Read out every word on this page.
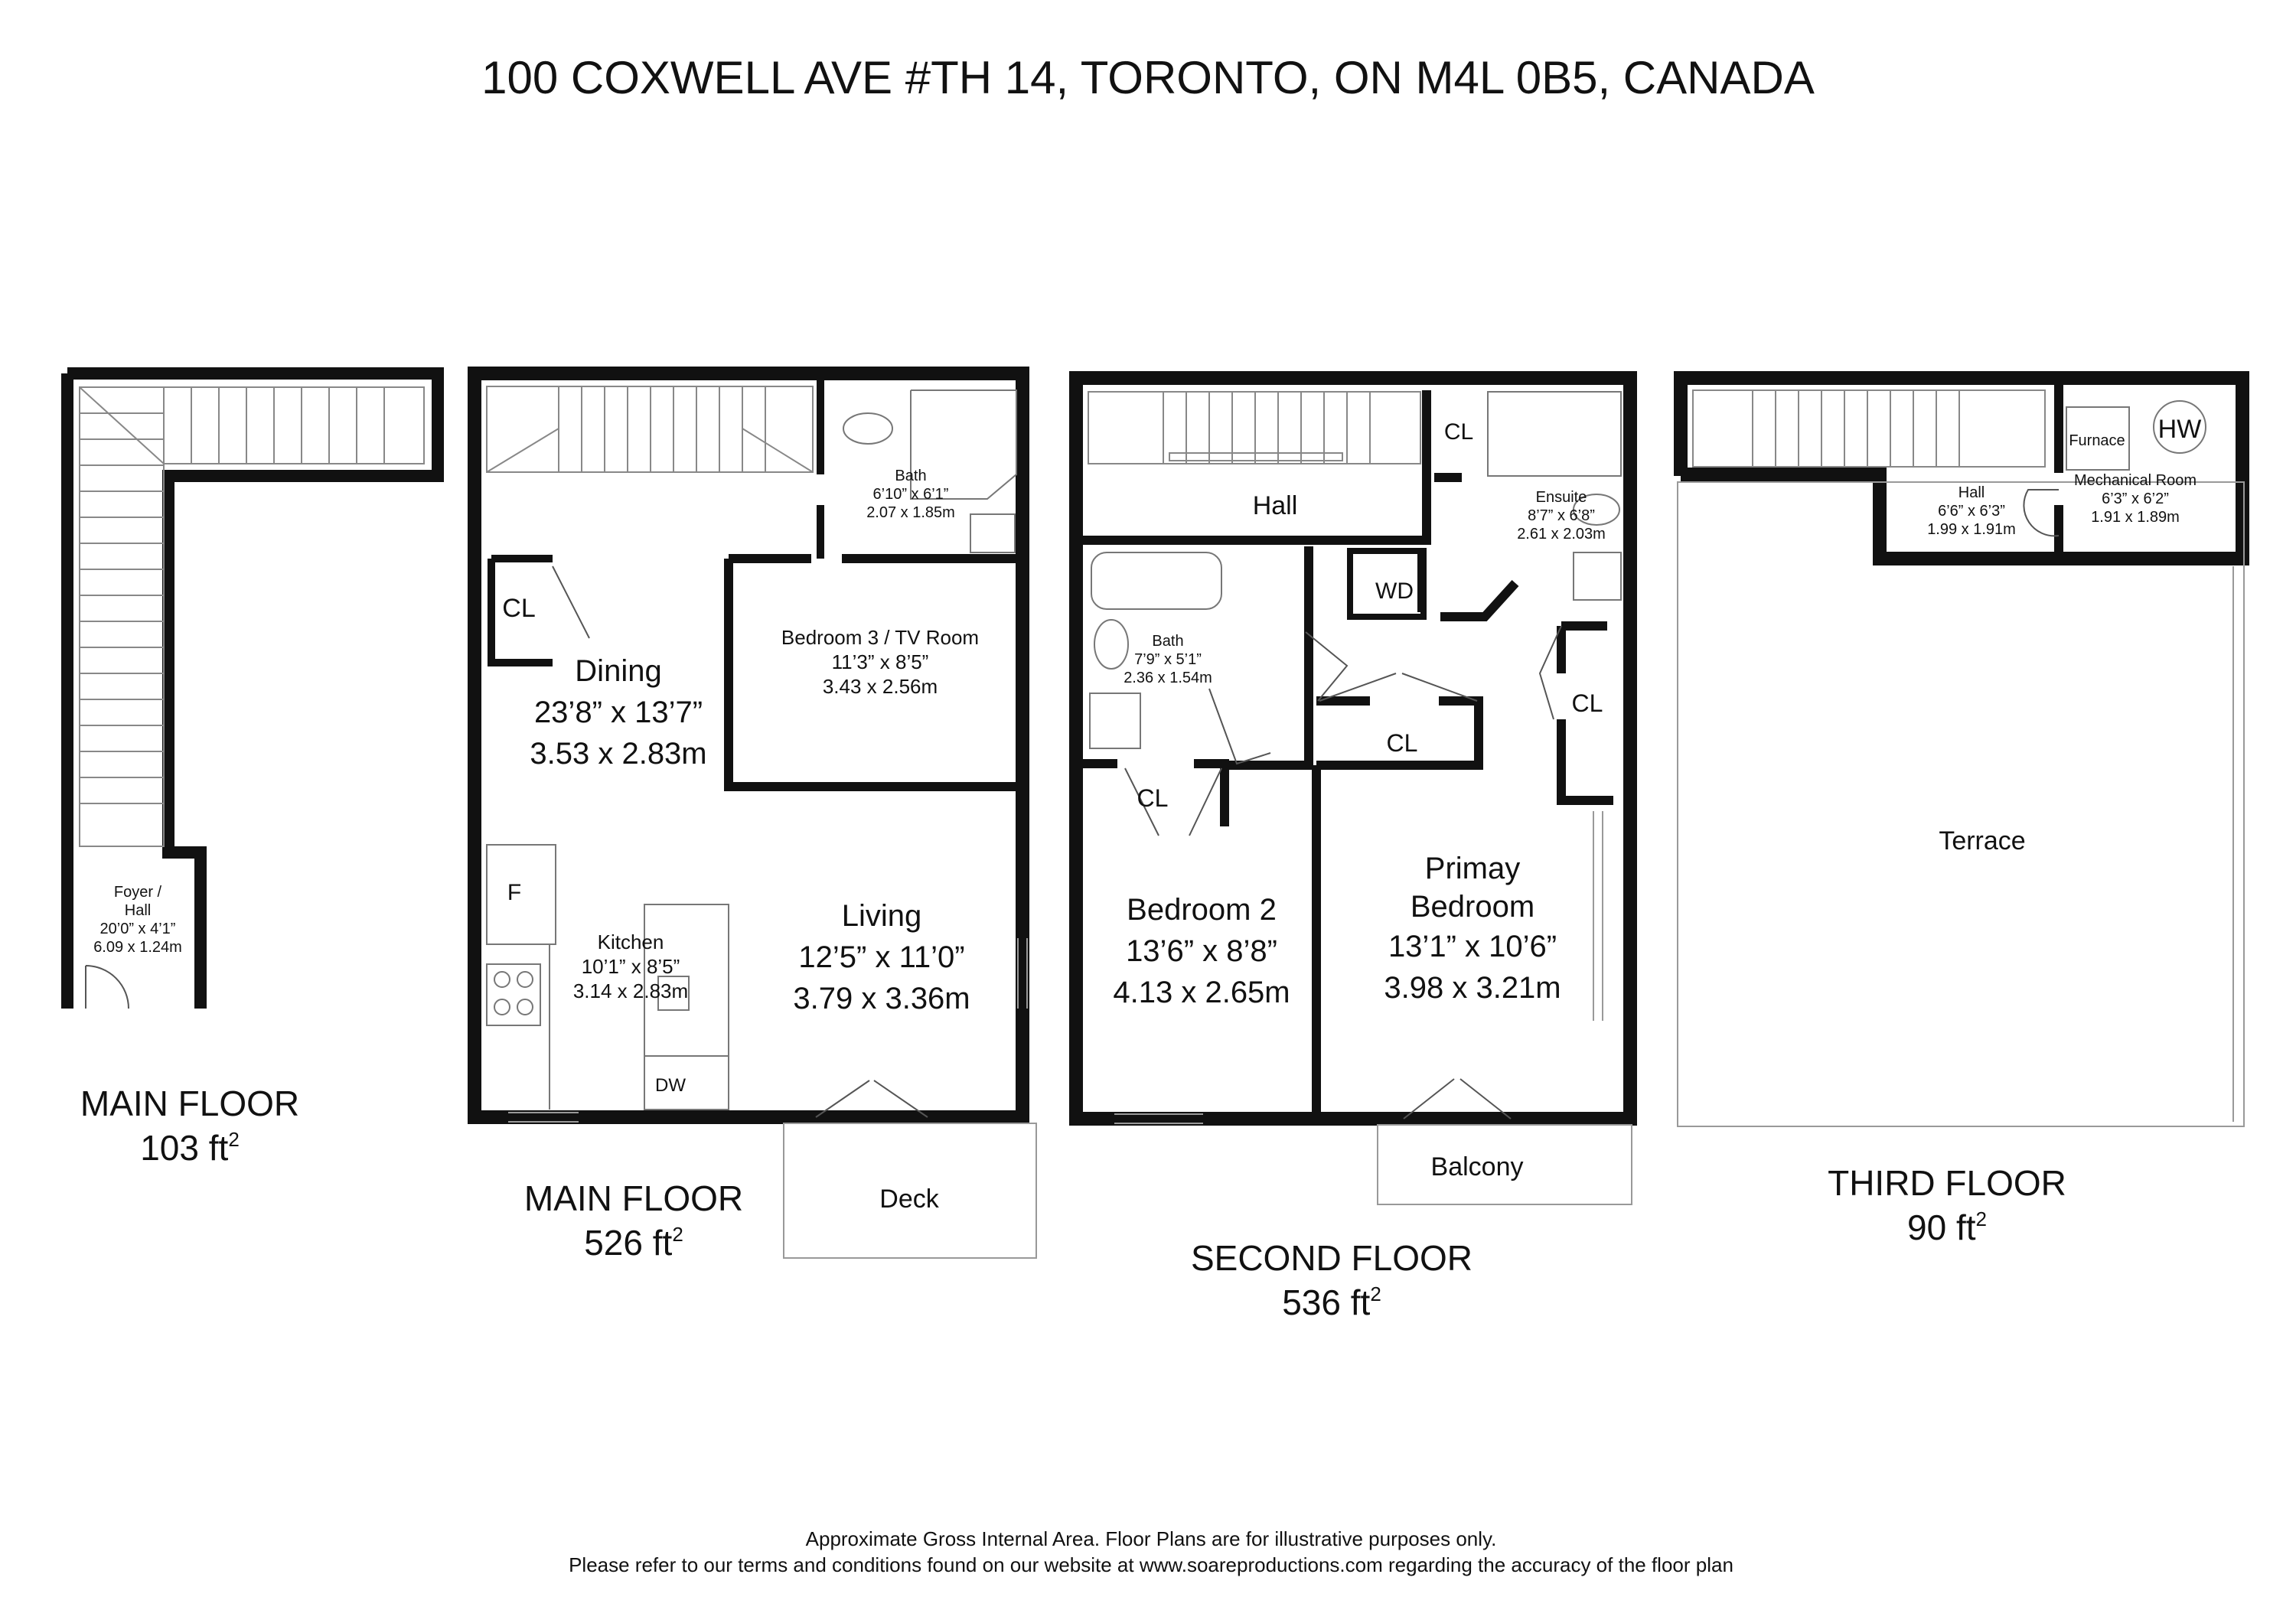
100 COXWELL AVE #TH 14, TORONTO, ON M4L 0B5, CANADA
Foyer /
Hall
20’0” x 4’1”
6.09 x 1.24m
MAIN FLOOR
103 $ft^2$
F
DW
CL
Deck
Bath
6’10” x 6’1”
2.07 x 1.85m
Dining
23’8” x 13’7”
3.53 x 2.83m
Bedroom 3 / TV Room
11’3” x 8’5”
3.43 x 2.56m
Kitchen
10’1” x 8’5”
3.14 x 2.83m
Living
12’5” x 11’0”
3.79 x 3.36m
MAIN FLOOR
526 $ft^2$
Balcony
Hall
CL
WD
Ensuite
8’7” x 6’8”
2.61 x 2.03m
Bath
7’9” x 5’1”
2.36 x 1.54m
CL
CL
CL
Bedroom 2
13’6” x 8’8”
4.13 x 2.65m
Primay
Bedroom
13’1” x 10’6”
3.98 x 3.21m
SECOND FLOOR
536 $ft^2$
Furnace HW
Hall
6’6” x 6’3”
1.99 x 1.91m
Mechanical Room
6’3” x 6’2”
1.91 x 1.89m
Terrace
THIRD FLOOR
90 $ft^2$
Approximate Gross Internal Area. Floor Plans are for illustrative purposes only.
Please refer to our terms and conditions found on our website at www.soareproductions.com regarding the accuracy of the floor plan
